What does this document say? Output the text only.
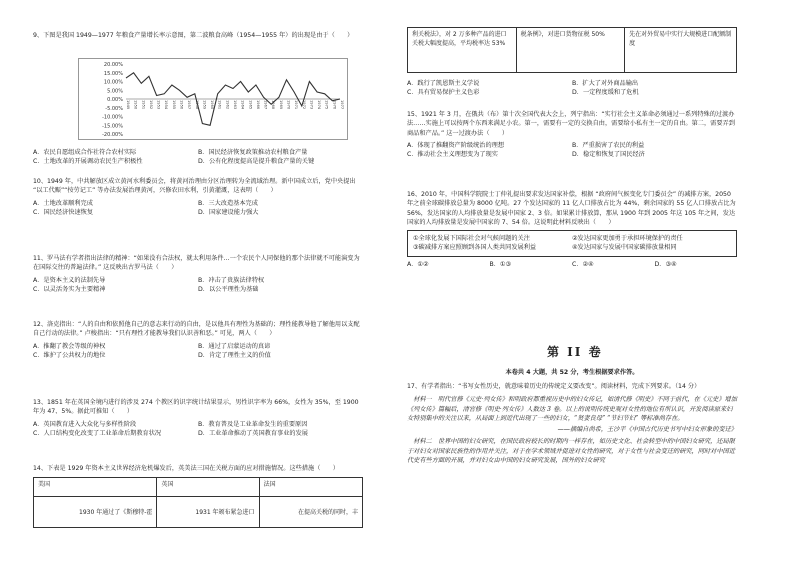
9、下图是我国 1949—1977 年粮食产量增长率示意图，第二波粮食高峰（1954—1955 年）的出现是由于（　　）
20.00%
15.00%
10.00%
5.00%
0.00%
-5.00%
-10.00%
-15.00%
-20.00%
1949 1950 1951 1952 1953 1954 1955 1956 1957 1958 1959 1960 1961 1962 1963 1964 1965 1966 1967 1968 1969 1970 1971 1972 1973 1974 1975 1976 1977
A．农民自愿组成合作社符合农村实际	B．国民经济恢复政策推动农村粮食产量
C．土地改革的开展调动农民生产积极性	D．公有化程度提高是提升粮食产量的关键
10、1949 年，中共解放区成立黄河水利委员会，将黄河治理由分区治理转为全流域治理。新中国成立后，党中央提出 “以工代赈”“按劳记工” 等办法发展治理黄河，兴修农田水利，引黄灌溉，这表明（　　）
A．土地改革顺利完成	B．三大改造基本完成
C．国民经济快速恢复	D．国家建设能力强大
11、罗马法有学者指出法律的精神：“如果没有合法权，就太利用条件…一个农民个人同保他的那个法律就不可能演变为在国际交往的普遍法律。” 这反映出古罗马法（　　）
A．是资本主义的法制先导	B．冲击了贵族法律特权
C．以灵活务实为主要精神	D．以公平理性为基础
12、洛克指出：“人的自由和依照他自己的意志来行动的自由，是以他具有理性为基础的；理性能教导他了解他用以支配自己行动的法律。” 卢梭指出：“只有理性才能教导我们认识善和恶。” 可见，两人（　　）
A．推翻了教会等级的神权	B．通过了启蒙运动的真谛
C．维护了公共权力的地位	D．肯定了理性主义的价值
13、1851 年在英国全境内进行的涉及 274 个教区的识字统计结果显示，男性识字率为 66%，女性为 35%，至 1900 年为 47、5%。据此可推知（　　）
A．英国教育进入大众化与多样性阶段	B．教育普及是工业革命发生的重要原因
C．人口结构变化改变了工业革命后期教育状况	D．工业革命推动了英国教育事业的发展
14、下表是 1929 年资本主义世界经济危机爆发后，英美法三国在关税方面的应对措施情况。这些措施（　　）
美国	英国	法国
1930 年通过了《斯穆特-霍	1931 年颁布紧急进口	在提高关税的同时，丰
利关税法》，对 2 万多种产品的进口关税大幅度提高，平均税率达 53%	税条例》，对进口货物征税 50%	先在对外贸易中实行大规模进口配额制度
A．践行了凯恩斯主义学说	B．扩大了对外商品输出
C．具有贸易保护主义色彩	D．一定程度缓和了危机
15、1921 年 3 月，在俄共（布）第十次全国代表大会上，列宁指出：“实行社会主义革命必须通过一系列特殊的过渡办法……实施上可以按两个东西来满足小农。第一，需要有一定的交换自由，需要给小私有主一定的自由。第二，需要弄到商品和产品。” 这一过渡办法（　　）
A．体现了推翻资产阶级统治的理想	B．严重损害了农民的利益
C．推动社会主义理想变为了现实	D．稳定和恢复了国民经济
16、2010 年，中国科学院院士丁仲礼提出要求发达国家补偿，根据 “政府间气候变化专门委员会” 的减排方案，2050 年之前全球碳排放总量为 8000 亿吨。27 个发达国家的 11 亿人口排放占比为 44%，剩余国家的 55 亿人口排放占比为 56%，发达国家的人均排放量是发展中国家 2、3 倍。如果累计排放算，那从 1900 年到 2005 年这 105 年之间，发达国家的人均排放量是发展中国家的 7、54 倍。这说明此材料反映出（　　）
①全球化发展下国际社会对气候问题的关注	②发达国家更加勇于承担环境保护的责任
③碳减排方案应照顾到各国人类共同发展利益	④发达国家与发展中国家碳排放量相同
A．①②	B．①③	C．②④	D．③④
第 II 卷
本卷共 4 大题，共 52 分，考生根据要求作答。
17、有学者指出：“书写女性历史，就意味着历史的传统定义要改变”。阅读材料，完成下列要求。（14 分）
材料一　明代官修《元史·列女传》和明政府都重视历史中的妇女传记，如清代修《明史》不同于前代，在《元史》增加《列女传》篇幅后，清官修《明史·列女传》人数达 3 卷。以上的说明传统史观对女性的地位有所认识，开发阅读原来妇女特别集中的关注以来，从局面上到近代出现了一些的妇女，“贤妻良母” “节妇节妇” 等标准尚存在。
——摘编自尚希，王沙平《中国古代历史书写中妇女形象的变迁》
材料二　世界中国的妇女研究，在国民政府较长的时期内一样存在，如历史文化、社会转型中的中国妇女研究，还局限于对妇女对国家民族性的作用并关注，对于在学术领域并促进对女性的研究，对于女性与社会变迁的研究，同时对中国近代史有些方面的开展，并对妇女由中国的妇女研究发展，国外的妇女研究
